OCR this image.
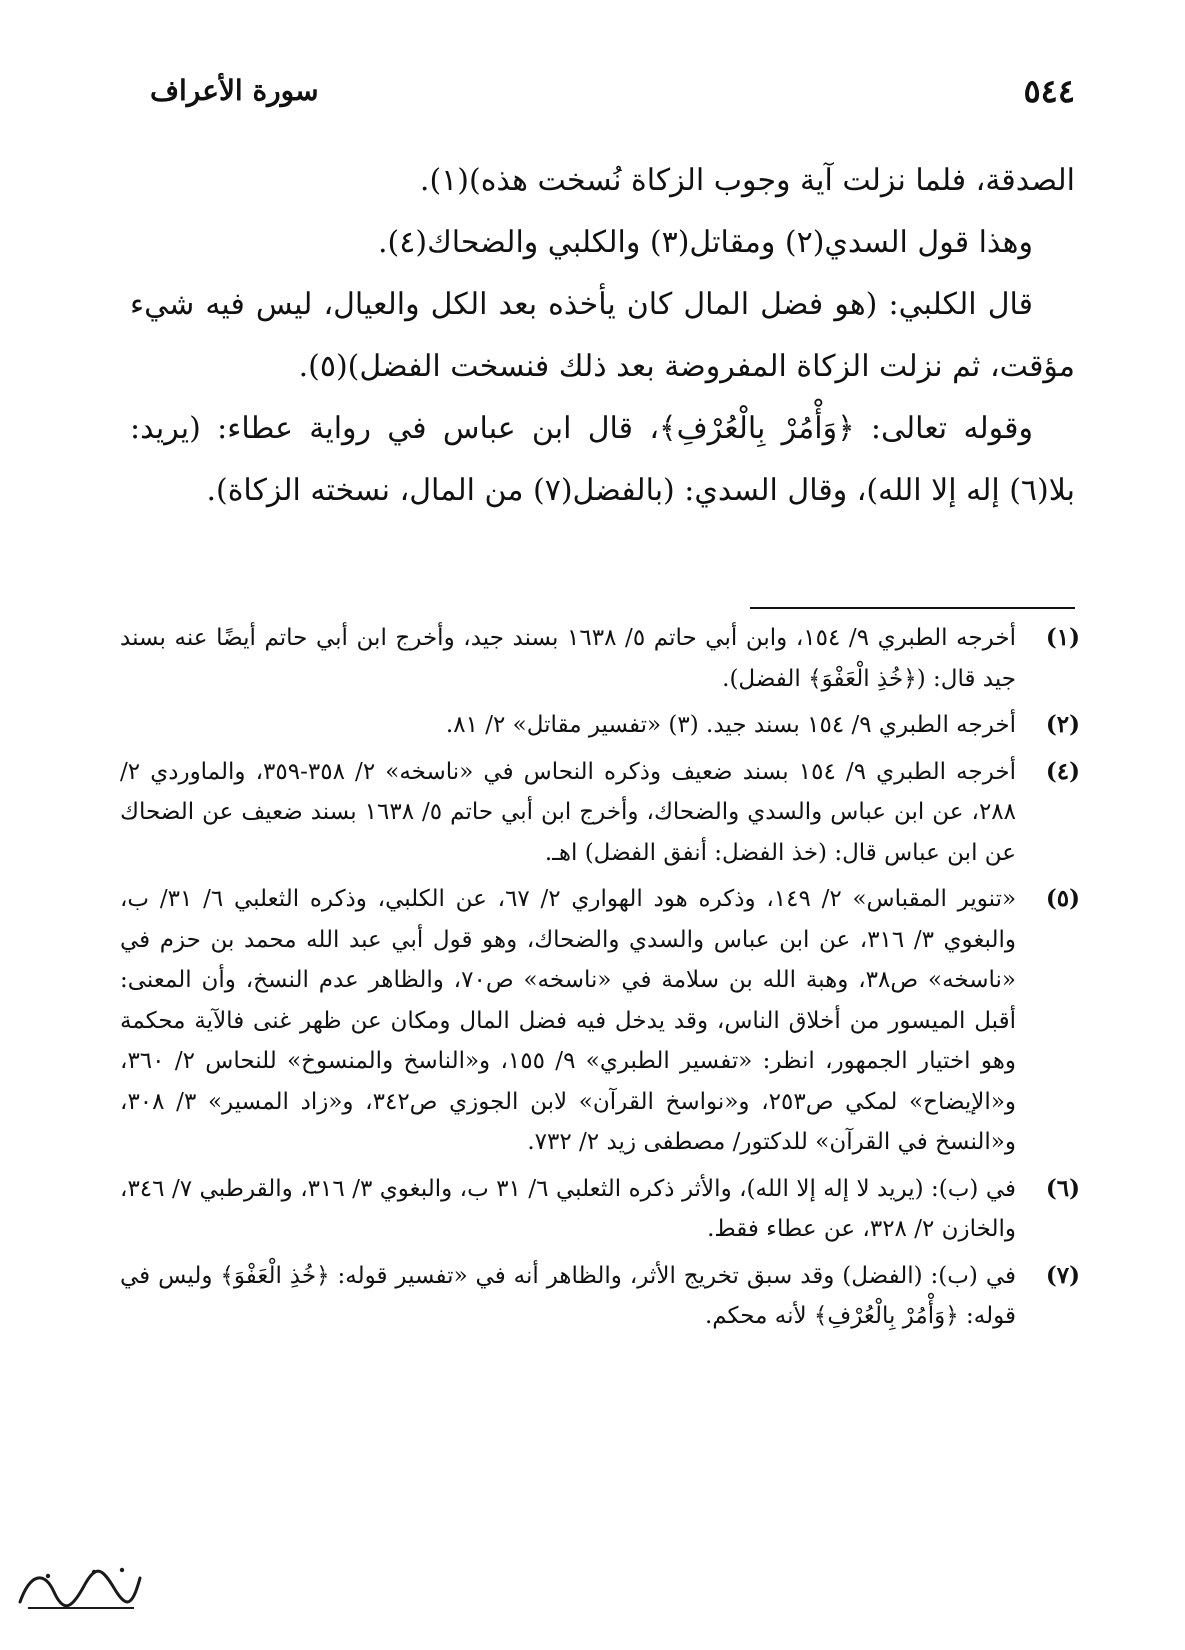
٥٤٤
سورة الأعراف

الصدقة، فلما نزلت آية وجوب الزكاة نُسخت هذه)(١).

وهذا قول السدي(٢) ومقاتل(٣) والكلبي والضحاك(٤).

قال الكلبي: (هو فضل المال كان يأخذه بعد الكل والعيال، ليس فيه شيء مؤقت، ثم نزلت الزكاة المفروضة بعد ذلك فنسخت الفضل)(٥).

وقوله تعالى: ﴿وَأْمُرْ بِالْعُرْفِ﴾، قال ابن عباس في رواية عطاء: (يريد: بلا(٦) إله إلا الله)، وقال السدي: (بالفضل(٧) من المال، نسخته الزكاة).

(١)
أخرجه الطبري ٩/ ١٥٤، وابن أبي حاتم ٥/ ١٦٣٨ بسند جيد، وأخرج ابن أبي حاتم أيضًا عنه بسند جيد قال: (﴿خُذِ الْعَفْوَ﴾ الفضل).
(٢)
أخرجه الطبري ٩/ ١٥٤ بسند جيد. (٣) «تفسير مقاتل» ٢/ ٨١.
(٤)
أخرجه الطبري ٩/ ١٥٤ بسند ضعيف وذكره النحاس في «ناسخه» ٢/ ٣٥٨-٣٥٩، والماوردي ٢/ ٢٨٨، عن ابن عباس والسدي والضحاك، وأخرج ابن أبي حاتم ٥/ ١٦٣٨ بسند ضعيف عن الضحاك عن ابن عباس قال: (خذ الفضل: أنفق الفضل) اهـ.
(٥)
«تنوير المقباس» ٢/ ١٤٩، وذكره هود الهواري ٢/ ٦٧، عن الكلبي، وذكره الثعلبي ٦/ ٣١/ ب، والبغوي ٣/ ٣١٦، عن ابن عباس والسدي والضحاك، وهو قول أبي عبد الله محمد بن حزم في «ناسخه» ص٣٨، وهبة الله بن سلامة في «ناسخه» ص٧٠، والظاهر عدم النسخ، وأن المعنى: أقبل الميسور من أخلاق الناس، وقد يدخل فيه فضل المال ومكان عن ظهر غنى فالآية محكمة وهو اختيار الجمهور، انظر: «تفسير الطبري» ٩/ ١٥٥، و«الناسخ والمنسوخ» للنحاس ٢/ ٣٦٠، و«الإيضاح» لمكي ص٢٥٣، و«نواسخ القرآن» لابن الجوزي ص٣٤٢، و«زاد المسير» ٣/ ٣٠٨، و«النسخ في القرآن» للدكتور/ مصطفى زيد ٢/ ٧٣٢.
(٦)
في (ب): (يريد لا إله إلا الله)، والأثر ذكره الثعلبي ٦/ ٣١ ب، والبغوي ٣/ ٣١٦، والقرطبي ٧/ ٣٤٦، والخازن ٢/ ٣٢٨، عن عطاء فقط.
(٧)
في (ب): (الفضل) وقد سبق تخريج الأثر، والظاهر أنه في «تفسير قوله: ﴿خُذِ الْعَفْوَ﴾ وليس في قوله: ﴿وَأْمُرْ بِالْعُرْفِ﴾ لأنه محكم.
